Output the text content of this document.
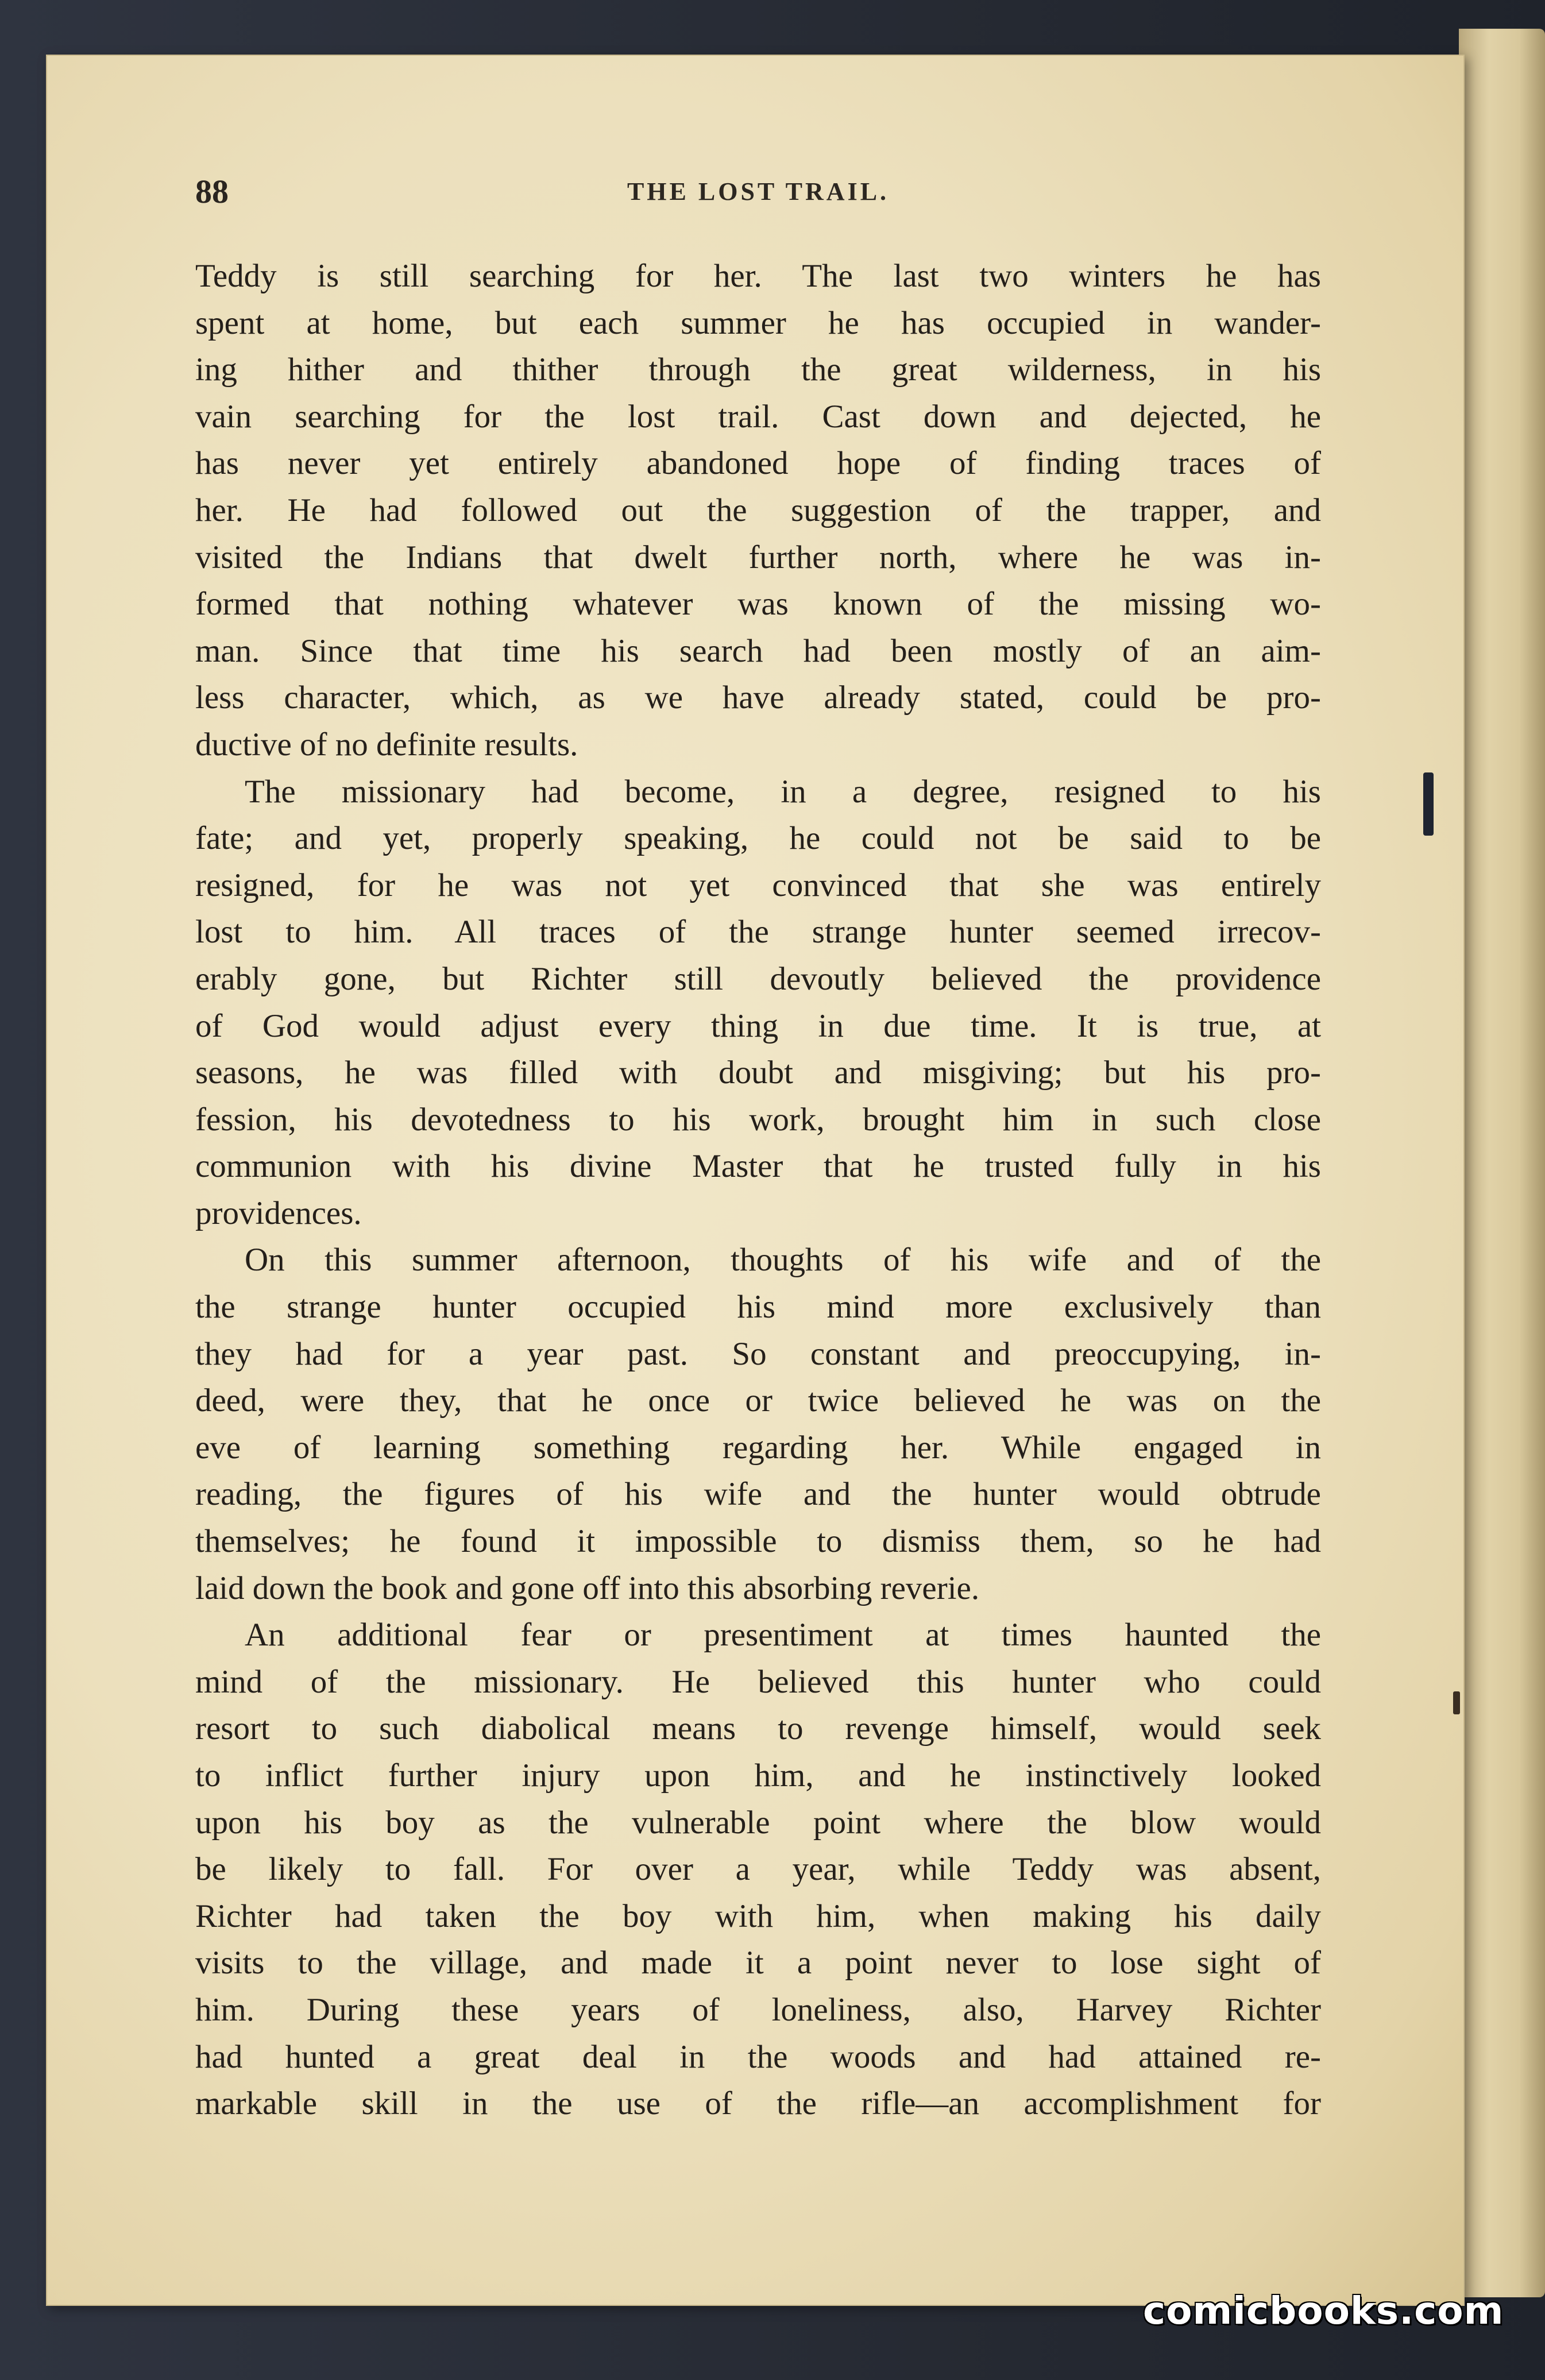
88	THE LOST TRAIL.
Teddy is still searching for her. The last two winters he has
spent at home, but each summer he has occupied in wander-
ing hither and thither through the great wilderness, in his
vain searching for the lost trail. Cast down and dejected, he
has never yet entirely abandoned hope of finding traces of
her. He had followed out the suggestion of the trapper, and
visited the Indians that dwelt further north, where he was in-
formed that nothing whatever was known of the missing wo-
man. Since that time his search had been mostly of an aim-
less character, which, as we have already stated, could be pro-
ductive of no definite results.
The missionary had become, in a degree, resigned to his
fate; and yet, properly speaking, he could not be said to be
resigned, for he was not yet convinced that she was entirely
lost to him. All traces of the strange hunter seemed irrecov-
erably gone, but Richter still devoutly believed the providence
of God would adjust every thing in due time. It is true, at
seasons, he was filled with doubt and misgiving; but his pro-
fession, his devotedness to his work, brought him in such close
communion with his divine Master that he trusted fully in his
providences.
On this summer afternoon, thoughts of his wife and of the
the strange hunter occupied his mind more exclusively than
they had for a year past. So constant and preoccupying, in-
deed, were they, that he once or twice believed he was on the
eve of learning something regarding her. While engaged in
reading, the figures of his wife and the hunter would obtrude
themselves; he found it impossible to dismiss them, so he had
laid down the book and gone off into this absorbing reverie.
An additional fear or presentiment at times haunted the
mind of the missionary. He believed this hunter who could
resort to such diabolical means to revenge himself, would seek
to inflict further injury upon him, and he instinctively looked
upon his boy as the vulnerable point where the blow would
be likely to fall. For over a year, while Teddy was absent,
Richter had taken the boy with him, when making his daily
visits to the village, and made it a point never to lose sight of
him. During these years of loneliness, also, Harvey Richter
had hunted a great deal in the woods and had attained re-
markable skill in the use of the rifle—an accomplishment for
comicbooks.com
